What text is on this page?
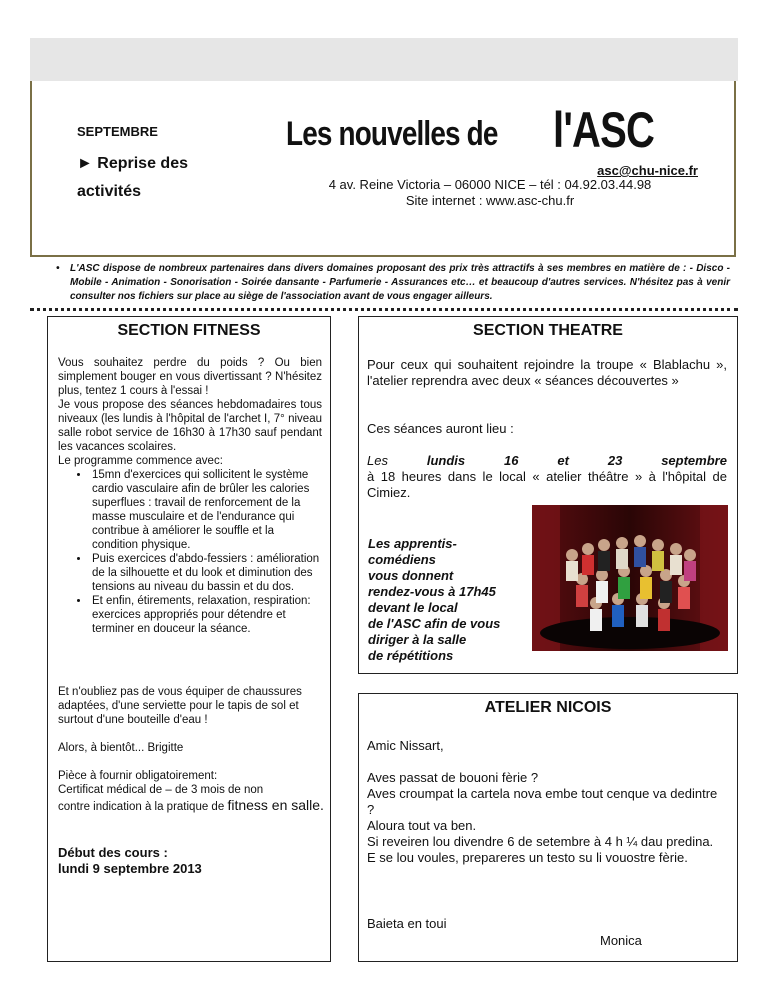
SEPTEMBRE
► Reprise des activités
Les nouvelles de l'ASC
asc@chu-nice.fr
4 av. Reine Victoria – 06000 NICE – tél : 04.92.03.44.98
Site internet : www.asc-chu.fr
• L'ASC dispose de nombreux partenaires dans divers domaines proposant des prix très attractifs à ses membres en matière de : - Disco - Mobile - Animation - Sonorisation - Soirée dansante - Parfumerie - Assurances etc… et beaucoup d'autres services. N'hésitez pas à venir consulter nos fichiers sur place au siège de l'association avant de vous engager ailleurs.
SECTION FITNESS
Vous souhaitez perdre du poids ? Ou bien simplement bouger en vous divertissant ? N'hésitez plus, tentez 1 cours à l'essai !
Je vous propose des séances hebdomadaires tous niveaux (les lundis à l'hôpital de l'archet I, 7° niveau salle robot service de 16h30 à 17h30 sauf pendant les vacances scolaires.
Le programme commence avec:
• 15mn d'exercices qui sollicitent le système cardio vasculaire afin de brûler les calories superflues : travail de renforcement de la masse musculaire et de l'endurance qui contribue à améliorer le souffle et la condition physique.
• Puis exercices d'abdo-fessiers : amélioration de la silhouette et du look et diminution des tensions au niveau du bassin et du dos.
• Et enfin, étirements, relaxation, respiration: exercices appropriés pour détendre et terminer en douceur la séance.
Et n'oubliez pas de vous équiper de chaussures adaptées, d'une serviette pour le tapis de sol et surtout d'une bouteille d'eau !
Alors, à bientôt... Brigitte
Pièce à fournir obligatoirement:
Certificat médical de – de 3 mois de non
contre indication à la pratique de fitness en salle.
Début des cours :
lundi 9 septembre 2013
SECTION THEATRE
Pour ceux qui souhaitent rejoindre la troupe « Blablachu », l'atelier reprendra avec deux « séances découvertes »
Ces séances auront lieu :
Les	lundis	16	et	23	septembre
à 18 heures dans le local « atelier théâtre » à l'hôpital de Cimiez.
Les apprentis-
comédiens
vous donnent
rendez-vous à 17h45
devant le local
de l'ASC afin de vous
diriger à la salle
de répétitions
ATELIER NICOIS
Amic Nissart,
Aves passat de bouoni fèrie ?
Aves croumpat la cartela nova embe tout cenque va dedintre ?
Aloura tout va ben.
Si reveiren lou divendre 6 de setembre à 4 h ¼ dau predina.
E se lou voules, prepareres un testo su li vouostre fèrie.
Baieta en toui
Monica
